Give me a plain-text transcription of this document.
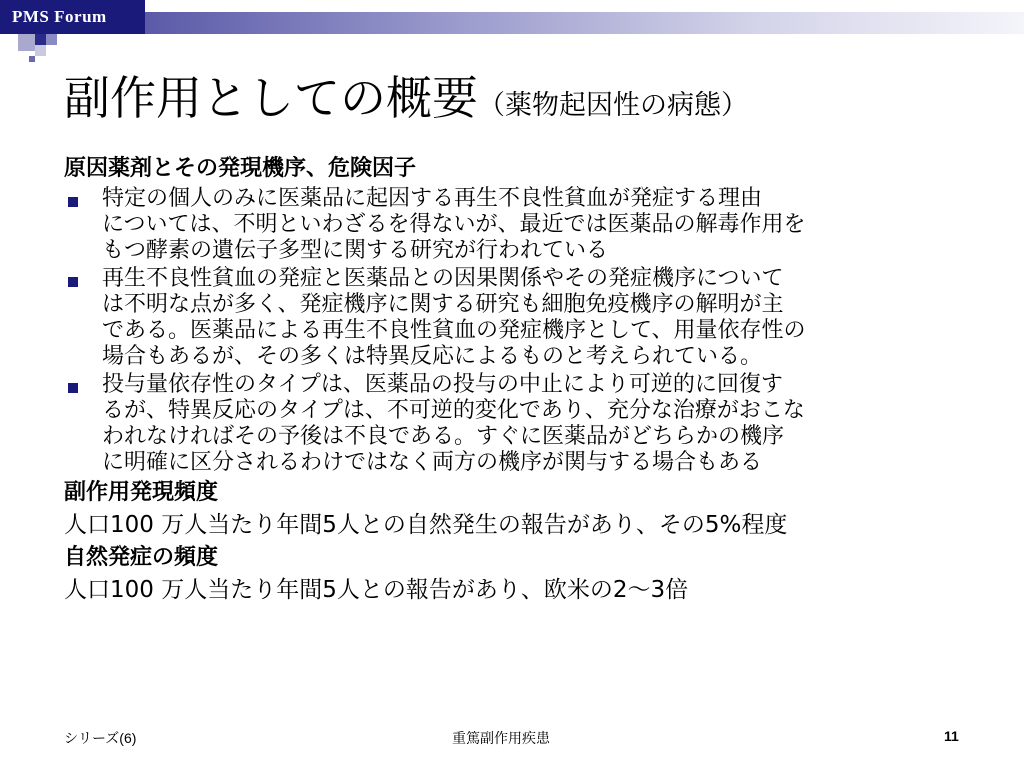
PMS Forum
副作用としての概要（薬物起因性の病態）
原因薬剤とその発現機序、危険因子
特定の個人のみに医薬品に起因する再生不良性貧血が発症する理由
については、不明といわざるを得ないが、最近では医薬品の解毒作用を
もつ酵素の遺伝子多型に関する研究が行われている
再生不良性貧血の発症と医薬品との因果関係やその発症機序について
は不明な点が多く、発症機序に関する研究も細胞免疫機序の解明が主
である。医薬品による再生不良性貧血の発症機序として、用量依存性の
場合もあるが、その多くは特異反応によるものと考えられている。
投与量依存性のタイプは、医薬品の投与の中止により可逆的に回復す
るが、特異反応のタイプは、不可逆的変化であり、充分な治療がおこな
われなければその予後は不良である。すぐに医薬品がどちらかの機序
に明確に区分されるわけではなく両方の機序が関与する場合もある
副作用発現頻度
人口100 万人当たり年間5人との自然発生の報告があり、その5%程度
自然発症の頻度
人口100 万人当たり年間5人との報告があり、欧米の2～3倍
シリーズ(6)	重篤副作用疾患	11
